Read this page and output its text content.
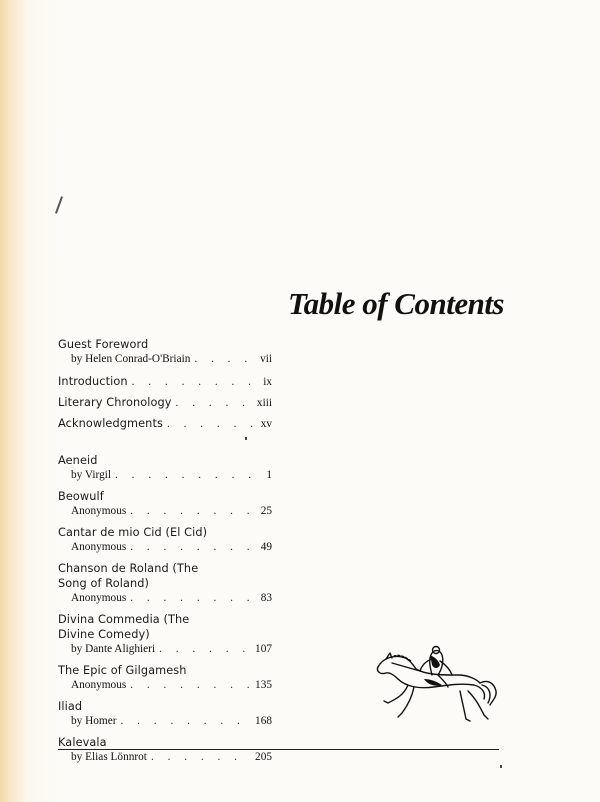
Table of Contents
Guest Foreword
by Helen Conrad-O'Briain . . .	vii
Introduction . . .	ix
Literary Chronology . . .	xiii
Acknowledgments . . .	xv
Aeneid
by Virgil . . .	1
Beowulf
Anonymous . . .	25
Cantar de mio Cid (El Cid)
Anonymous . . .	49
Chanson de Roland (The Song of Roland)
Anonymous . . .	83
Divina Commedia (The Divine Comedy)
by Dante Alighieri . . .	107
The Epic of Gilgamesh
Anonymous . . .	135
Iliad
by Homer . . .	168
Kalevala
by Elias Lönnrot . . .	205
